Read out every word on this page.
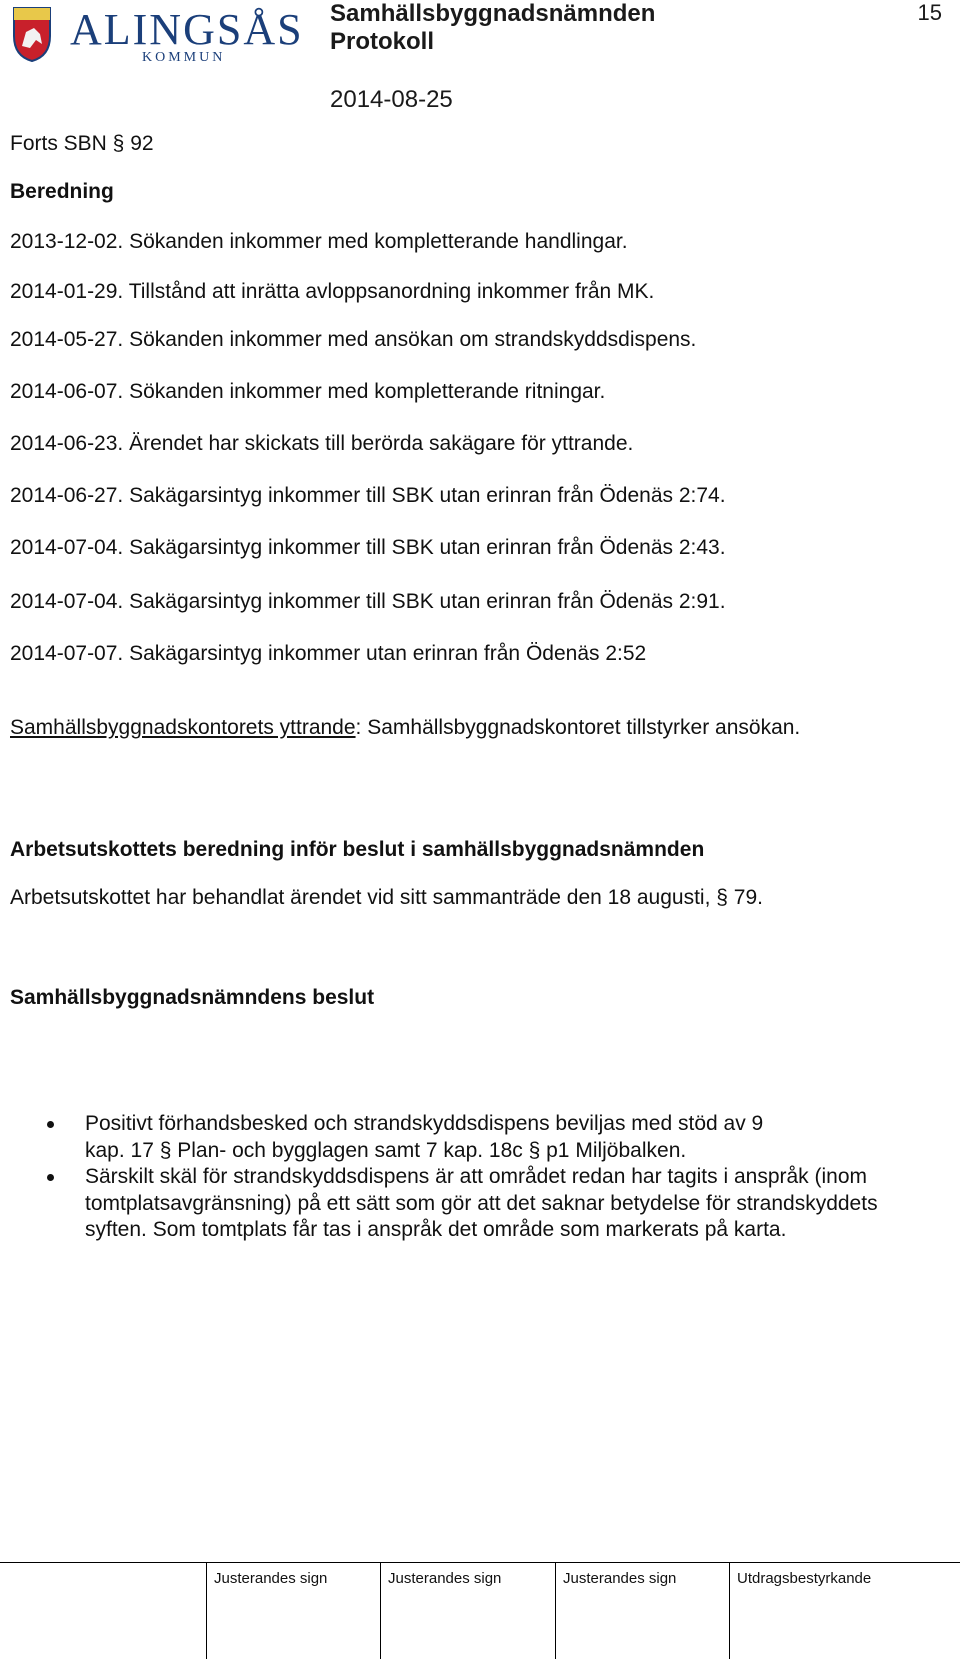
ALINGSÅS
KOMMUN
Samhällsbyggnadsnämnden
Protokoll
2014-08-25
15
Forts SBN § 92
Beredning
2013-12-02. Sökanden inkommer med kompletterande handlingar.
2014-01-29. Tillstånd att inrätta avloppsanordning inkommer från MK.
2014-05-27. Sökanden inkommer med ansökan om strandskyddsdispens.
2014-06-07. Sökanden inkommer med kompletterande ritningar.
2014-06-23. Ärendet har skickats till berörda sakägare för yttrande.
2014-06-27. Sakägarsintyg inkommer till SBK utan erinran från Ödenäs 2:74.
2014-07-04. Sakägarsintyg inkommer till SBK utan erinran från Ödenäs 2:43.
2014-07-04. Sakägarsintyg inkommer till SBK utan erinran från Ödenäs 2:91.
2014-07-07. Sakägarsintyg inkommer utan erinran från Ödenäs 2:52
Samhällsbyggnadskontorets yttrande: Samhällsbyggnadskontoret tillstyrker ansökan.
Arbetsutskottets beredning inför beslut i samhällsbyggnadsnämnden
Arbetsutskottet har behandlat ärendet vid sitt sammanträde den 18 augusti, § 79.
Samhällsbyggnadsnämndens beslut
Positivt förhandsbesked och strandskyddsdispens beviljas med stöd av 9 kap. 17 § Plan- och bygglagen samt 7 kap. 18c § p1 Miljöbalken.
Särskilt skäl för strandskyddsdispens är att området redan har tagits i anspråk (inom tomtplatsavgränsning) på ett sätt som gör att det saknar betydelse för strandskyddets syften. Som tomtplats får tas i anspråk det område som markerats på karta.
Justerandes sign	Justerandes sign	Justerandes sign	Utdragsbestyrkande
